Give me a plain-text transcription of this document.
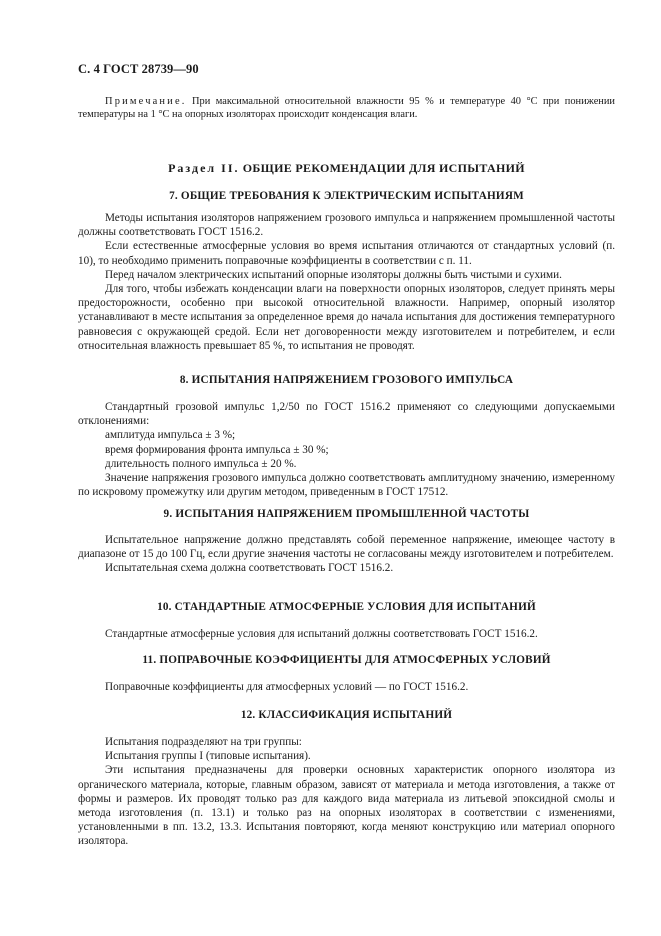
С. 4 ГОСТ 28739—90
Примечание. При максимальной относительной влажности 95 % и температуре 40 °С при понижении температуры на 1 °С на опорных изоляторах происходит конденсация влаги.
Раздел II. ОБЩИЕ РЕКОМЕНДАЦИИ ДЛЯ ИСПЫТАНИЙ
7. ОБЩИЕ ТРЕБОВАНИЯ К ЭЛЕКТРИЧЕСКИМ ИСПЫТАНИЯМ

Методы испытания изоляторов напряжением грозового импульса и напряжением промышленной частоты должны соответствовать ГОСТ 1516.2.

Если естественные атмосферные условия во время испытания отличаются от стандартных условий (п. 10), то необходимо применить поправочные коэффициенты в соответствии с п. 11.

Перед началом электрических испытаний опорные изоляторы должны быть чистыми и сухими.

Для того, чтобы избежать конденсации влаги на поверхности опорных изоляторов, следует принять меры предосторожности, особенно при высокой относительной влажности. Например, опорный изолятор устанавливают в месте испытания за определенное время до начала испытания для достижения температурного равновесия с окружающей средой. Если нет договоренности между изготовителем и потребителем, и если относительная влажность превышает 85 %, то испытания не проводят.

8. ИСПЫТАНИЯ НАПРЯЖЕНИЕМ ГРОЗОВОГО ИМПУЛЬСА

Стандартный грозовой импульс 1,2/50 по ГОСТ 1516.2 применяют со следующими допускаемыми отклонениями:

амплитуда импульса ± 3 %;

время формирования фронта импульса ± 30 %;

длительность полного импульса ± 20 %.

Значение напряжения грозового импульса должно соответствовать амплитудному значению, измеренному по искровому промежутку или другим методом, приведенным в ГОСТ 17512.

9. ИСПЫТАНИЯ НАПРЯЖЕНИЕМ ПРОМЫШЛЕННОЙ ЧАСТОТЫ

Испытательное напряжение должно представлять собой переменное напряжение, имеющее частоту в диапазоне от 15 до 100 Гц, если другие значения частоты не согласованы между изготовителем и потребителем.

Испытательная схема должна соответствовать ГОСТ 1516.2.

10. СТАНДАРТНЫЕ АТМОСФЕРНЫЕ УСЛОВИЯ ДЛЯ ИСПЫТАНИЙ

Стандартные атмосферные условия для испытаний должны соответствовать ГОСТ 1516.2.

11. ПОПРАВОЧНЫЕ КОЭФФИЦИЕНТЫ ДЛЯ АТМОСФЕРНЫХ УСЛОВИЙ

Поправочные коэффициенты для атмосферных условий — по ГОСТ 1516.2.

12. КЛАССИФИКАЦИЯ ИСПЫТАНИЙ

Испытания подразделяют на три группы:

Испытания группы I (типовые испытания).

Эти испытания предназначены для проверки основных характеристик опорного изолятора из органического материала, которые, главным образом, зависят от материала и метода изготовления, а также от формы и размеров. Их проводят только раз для каждого вида материала из литьевой эпоксидной смолы и метода изготовления (п. 13.1) и только раз на опорных изоляторах в соответствии с изменениями, установленными в пп. 13.2, 13.3. Испытания повторяют, когда меняют конструкцию или материал опорного изолятора.
